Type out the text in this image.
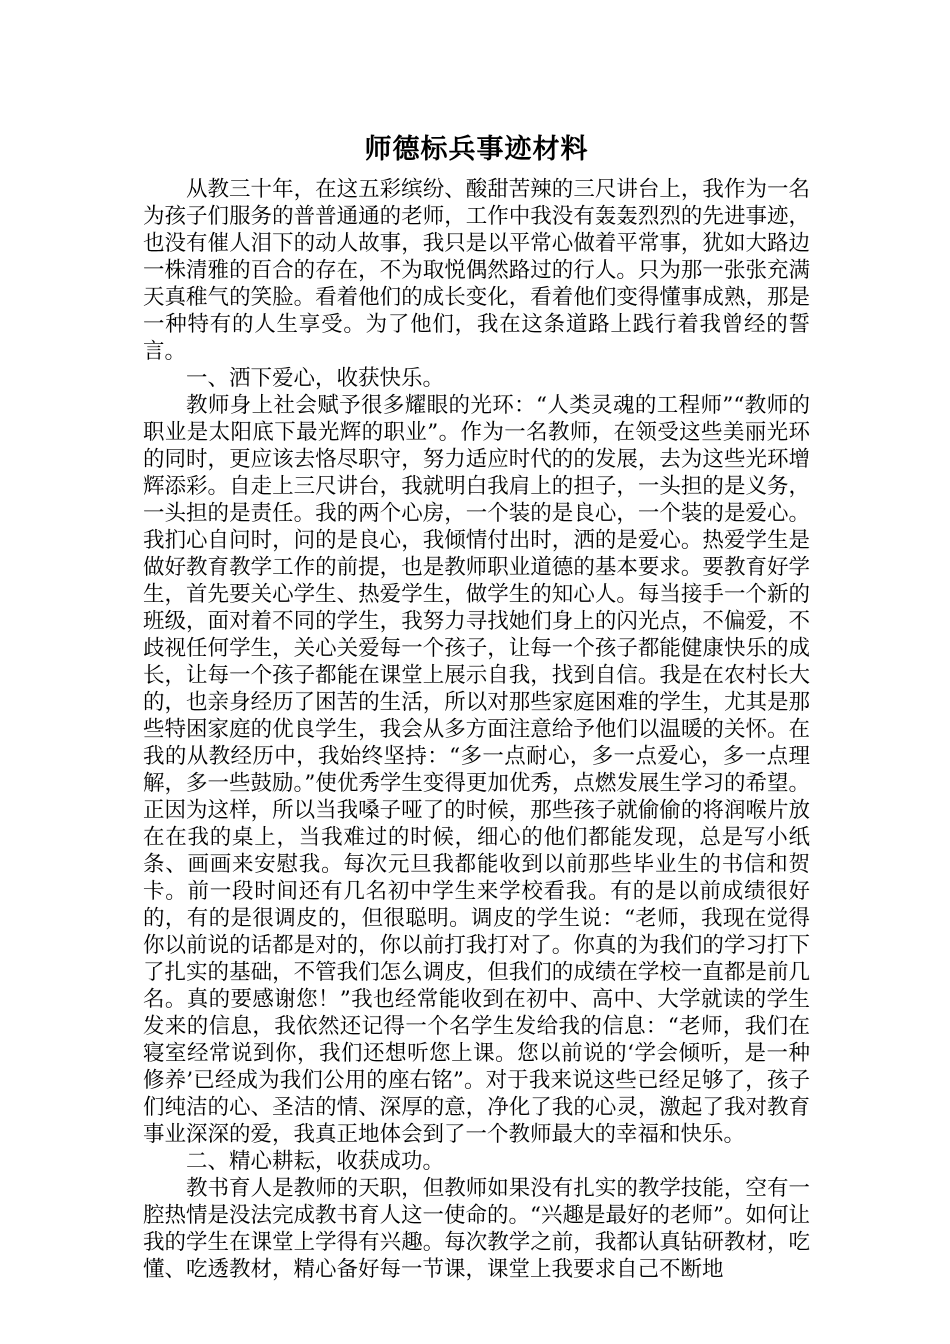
师德标兵事迹材料

从教三十年，在这五彩缤纷、酸甜苦辣的三尺讲台上，我作为一名为孩子们服务的普普通通的老师，工作中我没有轰轰烈烈的先进事迹，也没有催人泪下的动人故事，我只是以平常心做着平常事，犹如大路边一株清雅的百合的存在，不为取悦偶然路过的行人。只为那一张张充满天真稚气的笑脸。看着他们的成长变化，看着他们变得懂事成熟，那是一种特有的人生享受。为了他们，我在这条道路上践行着我曾经的誓言。

一、洒下爱心，收获快乐。

教师身上社会赋予很多耀眼的光环：“人类灵魂的工程师”“教师的职业是太阳底下最光辉的职业”。作为一名教师，在领受这些美丽光环的同时，更应该去恪尽职守，努力适应时代的的发展，去为这些光环增辉添彩。自走上三尺讲台，我就明白我肩上的担子，一头担的是义务，一头担的是责任。我的两个心房，一个装的是良心，一个装的是爱心。我扪心自问时，问的是良心，我倾情付出时，洒的是爱心。热爱学生是做好教育教学工作的前提，也是教师职业道德的基本要求。要教育好学生，首先要关心学生、热爱学生，做学生的知心人。每当接手一个新的班级，面对着不同的学生，我努力寻找她们身上的闪光点，不偏爱，不歧视任何学生，关心关爱每一个孩子，让每一个孩子都能健康快乐的成长，让每一个孩子都能在课堂上展示自我，找到自信。我是在农村长大的，也亲身经历了困苦的生活，所以对那些家庭困难的学生，尤其是那些特困家庭的优良学生，我会从多方面注意给予他们以温暖的关怀。在我的从教经历中，我始终坚持：“多一点耐心，多一点爱心，多一点理解，多一些鼓励。”使优秀学生变得更加优秀，点燃发展生学习的希望。正因为这样，所以当我嗓子哑了的时候，那些孩子就偷偷的将润喉片放在在我的桌上，当我难过的时候，细心的他们都能发现，总是写小纸条、画画来安慰我。每次元旦我都能收到以前那些毕业生的书信和贺卡。前一段时间还有几名初中学生来学校看我。有的是以前成绩很好的，有的是很调皮的，但很聪明。调皮的学生说：“老师，我现在觉得你以前说的话都是对的，你以前打我打对了。你真的为我们的学习打下了扎实的基础，不管我们怎么调皮，但我们的成绩在学校一直都是前几名。真的要感谢您！”我也经常能收到在初中、高中、大学就读的学生发来的信息，我依然还记得一个名学生发给我的信息：“老师，我们在寝室经常说到你，我们还想听您上课。您以前说的‘学会倾听，是一种修养’已经成为我们公用的座右铭”。对于我来说这些已经足够了，孩子们纯洁的心、圣洁的情、深厚的意，净化了我的心灵，激起了我对教育事业深深的爱，我真正地体会到了一个教师最大的幸福和快乐。

二、精心耕耘，收获成功。

教书育人是教师的天职，但教师如果没有扎实的教学技能，空有一腔热情是没法完成教书育人这一使命的。“兴趣是最好的老师”。如何让我的学生在课堂上学得有兴趣。每次教学之前，我都认真钻研教材，吃懂、吃透教材，精心备好每一节课，课堂上我要求自己不断地
